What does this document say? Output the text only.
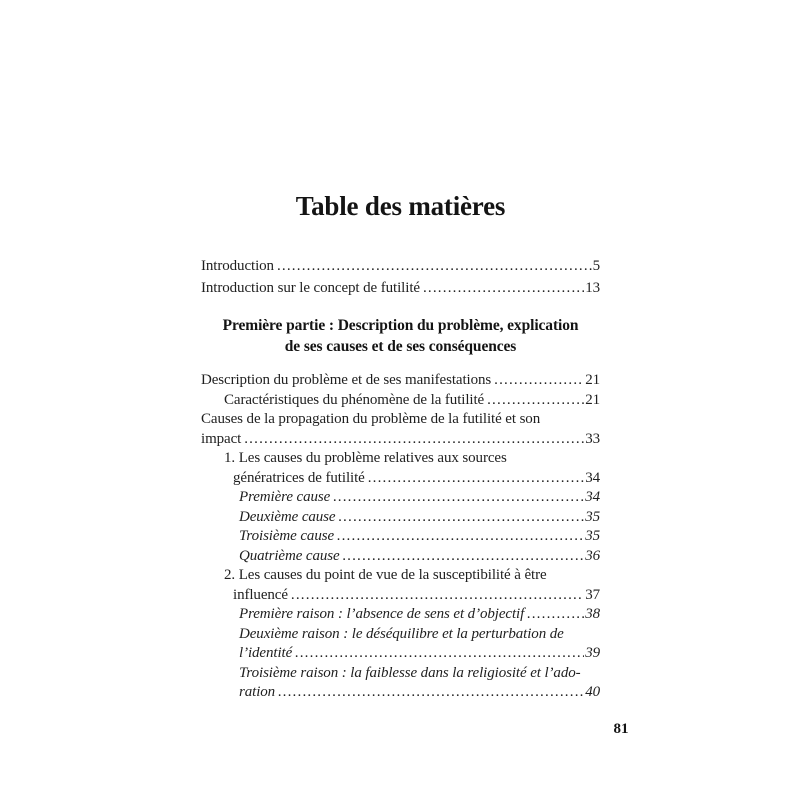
Table des matières
Introduction .....	5
Introduction sur le concept de futilité .....	13
Première partie : Description du problème, explication
de ses causes et de ses conséquences
Description du problème et de ses manifestations .....	21
Caractéristiques du phénomène de la futilité .....	21
Causes de la propagation du problème de la futilité et son
impact .....	33
1. Les causes du problème relatives aux sources
génératrices de futilité .....	34
Première cause .....	34
Deuxième cause .....	35
Troisième cause .....	35
Quatrième cause .....	36
2. Les causes du point de vue de la susceptibilité à être
influencé .....	37
Première raison : l’absence de sens et d’objectif .....	38
Deuxième raison : le déséquilibre et la perturbation de
l’identité .....	39
Troisième raison : la faiblesse dans la religiosité et l’ado-
ration .....	40
81
